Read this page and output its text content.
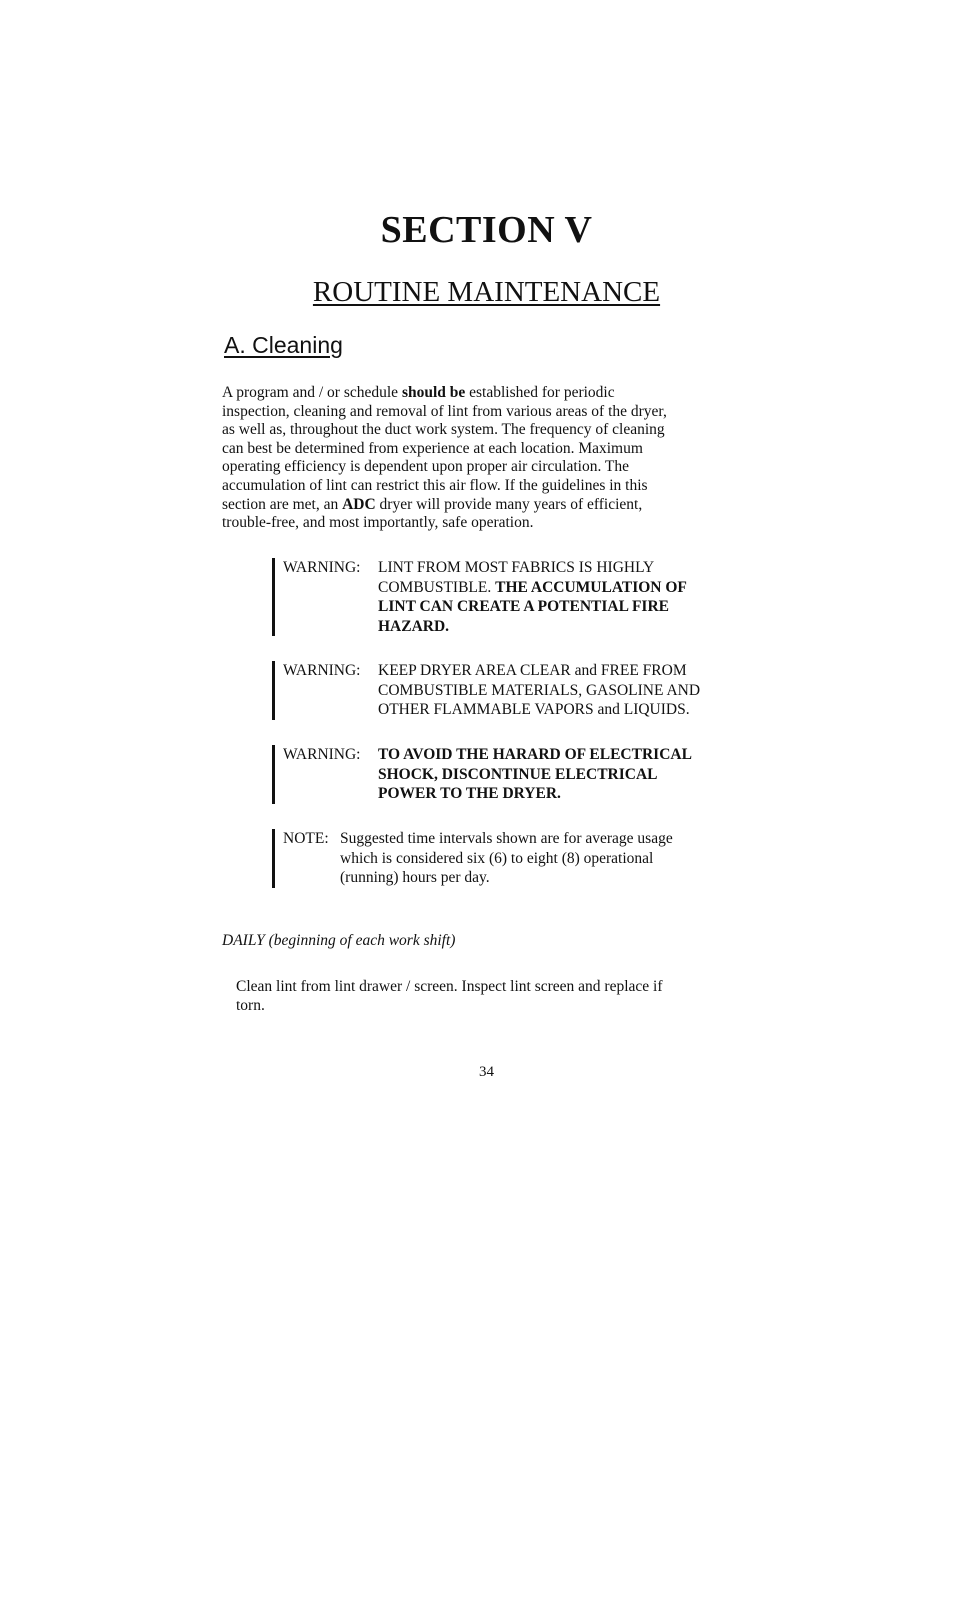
SECTION V
ROUTINE MAINTENANCE
A. Cleaning
A program and / or schedule should be established for periodic
inspection, cleaning and removal of lint from various areas of the dryer,
as well as, throughout the duct work system. The frequency of cleaning
can best be determined from experience at each location. Maximum
operating efficiency is dependent upon proper air circulation. The
accumulation of lint can restrict this air flow. If the guidelines in this
section are met, an ADC dryer will provide many years of efficient,
trouble-free, and most importantly, safe operation.
WARNING: LINT FROM MOST FABRICS IS HIGHLY
COMBUSTIBLE. THE ACCUMULATION OF
LINT CAN CREATE A POTENTIAL FIRE
HAZARD.
WARNING: KEEP DRYER AREA CLEAR and FREE FROM
COMBUSTIBLE MATERIALS, GASOLINE AND
OTHER FLAMMABLE VAPORS and LIQUIDS.
WARNING: TO AVOID THE HARARD OF ELECTRICAL
SHOCK, DISCONTINUE ELECTRICAL
POWER TO THE DRYER.
NOTE: Suggested time intervals shown are for average usage
which is considered six (6) to eight (8) operational
(running) hours per day.
DAILY (beginning of each work shift)
Clean lint from lint drawer / screen. Inspect lint screen and replace if
torn.
34
